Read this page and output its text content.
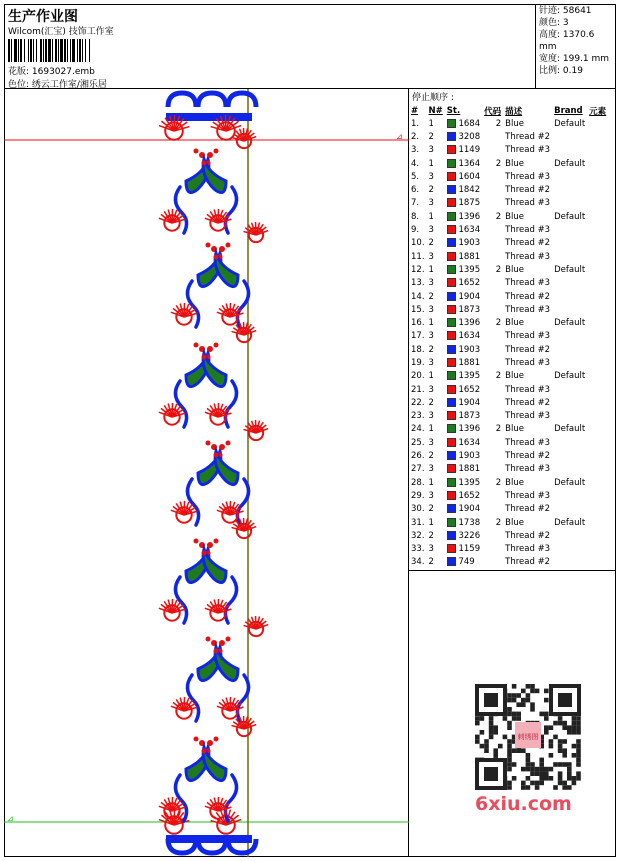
生产作业图
Wilcom(汇宝) 技饰工作室
花版: 1693027.emb
色位: 绣云工作室/湘乐居
针迹: 58641
颜色: 3
高度: 1370.6 mm
宽度: 199.1 mm
比例: 0.19
⊿
⊿
停止顺序 :
#	N#	St.	代码	描述	Brand	元素
1.	1	1684	2	Blue	Default	
2.	2	3208		Thread #2		
3.	3	1149		Thread #3		
4.	1	1364	2	Blue	Default	
5.	3	1604		Thread #3		
6.	2	1842		Thread #2		
7.	3	1875		Thread #3		
8.	1	1396	2	Blue	Default	
9.	3	1634		Thread #3		
10.	2	1903		Thread #2		
11.	3	1881		Thread #3		
12.	1	1395	2	Blue	Default	
13.	3	1652		Thread #3		
14.	2	1904		Thread #2		
15.	3	1873		Thread #3		
16.	1	1396	2	Blue	Default	
17.	3	1634		Thread #3		
18.	2	1903		Thread #2		
19.	3	1881		Thread #3		
20.	1	1395	2	Blue	Default	
21.	3	1652		Thread #3		
22.	2	1904		Thread #2		
23.	3	1873		Thread #3		
24.	1	1396	2	Blue	Default	
25.	3	1634		Thread #3		
26.	2	1903		Thread #2		
27.	3	1881		Thread #3		
28.	1	1395	2	Blue	Default	
29.	3	1652		Thread #3		
30.	2	1904		Thread #2		
31.	1	1738	2	Blue	Default	
32.	2	3226		Thread #2		
33.	3	1159		Thread #3		
34.	2	749		Thread #2		
刺绣图
6xiu.com
